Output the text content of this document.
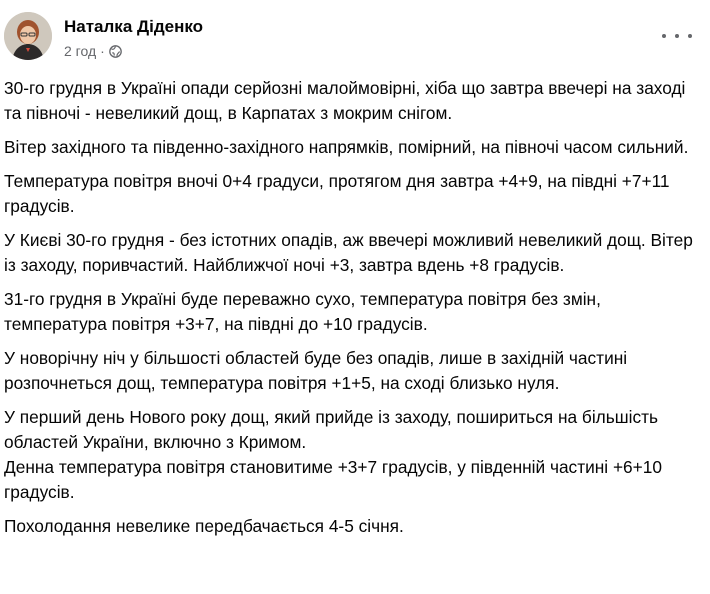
Наталка Діденко
2 год ·

30-го грудня в Україні опади серйозні малоймовірні, хіба що завтра ввечері на заході та півночі - невеликий дощ, в Карпатах з мокрим снігом.

Вітер західного та південно-західного напрямків, помірний, на півночі часом сильний.

Температура повітря вночі 0+4 градуси, протягом дня завтра +4+9, на півдні +7+11 градусів.

У Києві 30-го грудня - без істотних опадів, аж ввечері можливий невеликий дощ. Вітер із заходу, поривчастий. Найближчої ночі +3, завтра вдень +8 градусів.

31-го грудня в Україні буде переважно сухо, температура повітря без змін, температура повітря +3+7, на півдні до +10 градусів.

У новорічну ніч у більшості областей буде без опадів, лише в західній частині розпочнеться дощ, температура повітря +1+5, на сході близько нуля.

У перший день Нового року дощ, який прийде із заходу, пошириться на більшість областей України, включно з Кримом.

Денна температура повітря становитиме +3+7 градусів, у південній частині +6+10 градусів.

Похолодання невелике передбачається 4-5 січня.
